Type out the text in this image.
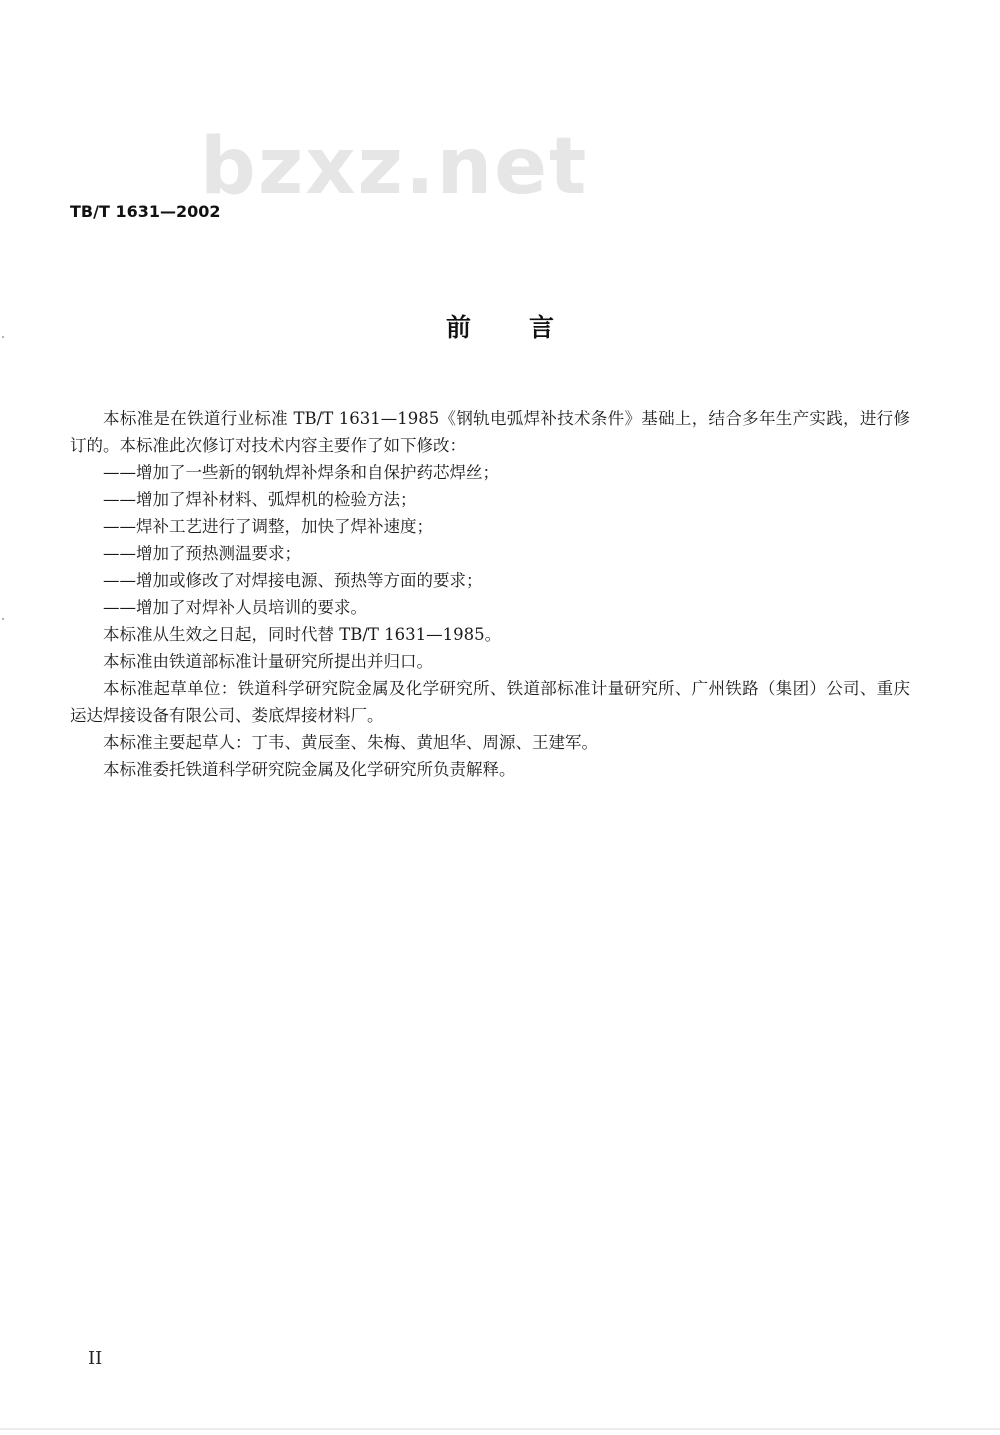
bzxz.net
TB/T 1631—2002
前言

本标准是在铁道行业标准 TB/T 1631—1985《钢轨电弧焊补技术条件》基础上，结合多年生产实践，进行修订的。本标准此次修订对技术内容主要作了如下修改：

——增加了一些新的钢轨焊补焊条和自保护药芯焊丝；

——增加了焊补材料、弧焊机的检验方法；

——焊补工艺进行了调整，加快了焊补速度；

——增加了预热测温要求；

——增加或修改了对焊接电源、预热等方面的要求；

——增加了对焊补人员培训的要求。

本标准从生效之日起，同时代替 TB/T 1631—1985。

本标准由铁道部标准计量研究所提出并归口。

本标准起草单位：铁道科学研究院金属及化学研究所、铁道部标准计量研究所、广州铁路（集团）公司、重庆运达焊接设备有限公司、娄底焊接材料厂。

本标准主要起草人：丁韦、黄辰奎、朱梅、黄旭华、周源、王建军。

本标准委托铁道科学研究院金属及化学研究所负责解释。

II
